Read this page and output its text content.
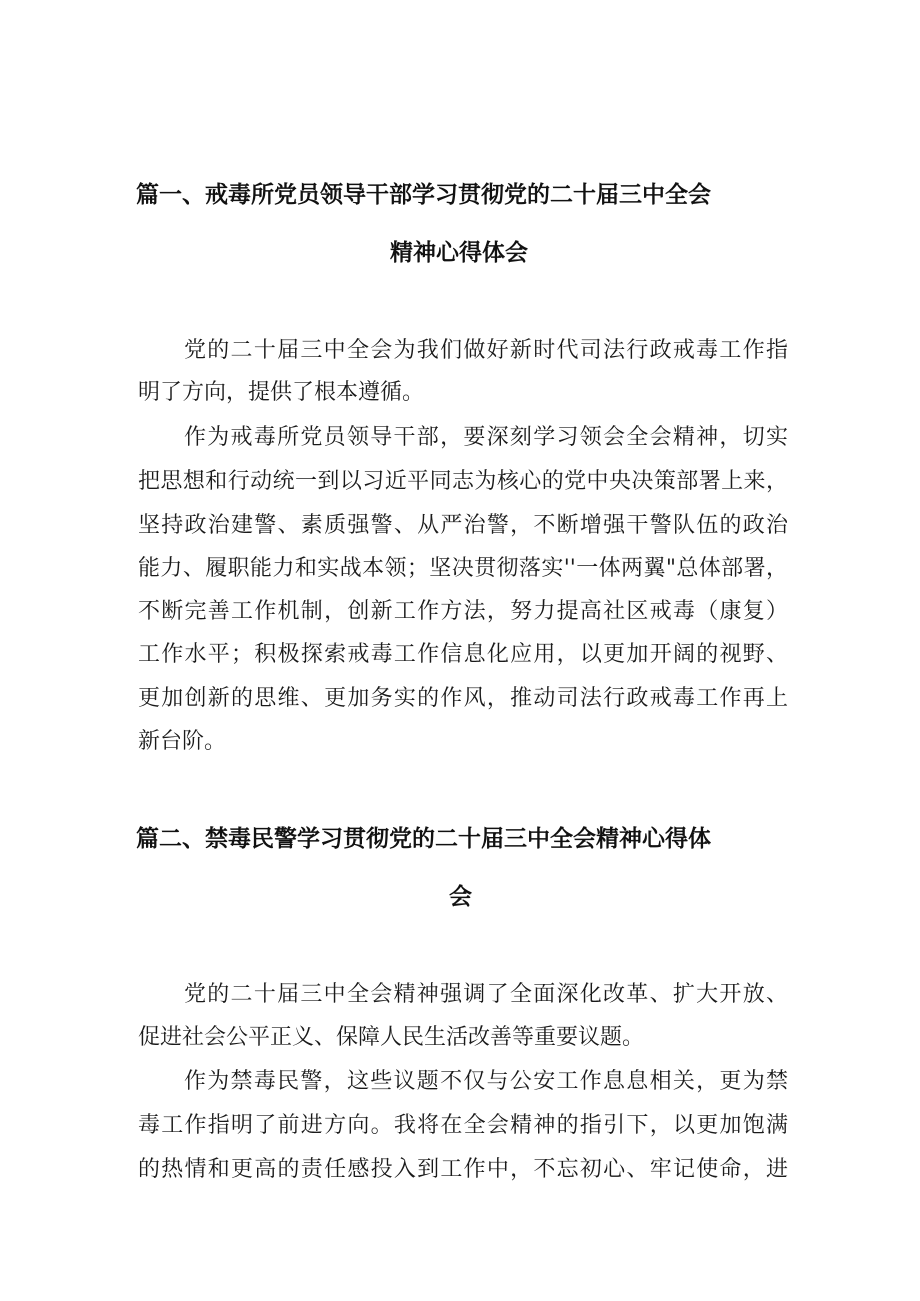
篇一、戒毒所党员领导干部学习贯彻党的二十届三中全会
精神心得体会
党的二十届三中全会为我们做好新时代司法行政戒毒工作指
明了方向，提供了根本遵循。
作为戒毒所党员领导干部，要深刻学习领会全会精神，切实
把思想和行动统一到以习近平同志为核心的党中央决策部署上来，
坚持政治建警、素质强警、从严治警，不断增强干警队伍的政治
能力、履职能力和实战本领；坚决贯彻落实''一体两翼"总体部署，
不断完善工作机制，创新工作方法，努力提高社区戒毒（康复）
工作水平；积极探索戒毒工作信息化应用，以更加开阔的视野、
更加创新的思维、更加务实的作风，推动司法行政戒毒工作再上
新台阶。
篇二、禁毒民警学习贯彻党的二十届三中全会精神心得体
会
党的二十届三中全会精神强调了全面深化改革、扩大开放、
促进社会公平正义、保障人民生活改善等重要议题。
作为禁毒民警，这些议题不仅与公安工作息息相关，更为禁
毒工作指明了前进方向。我将在全会精神的指引下，以更加饱满
的热情和更高的责任感投入到工作中，不忘初心、牢记使命，进
